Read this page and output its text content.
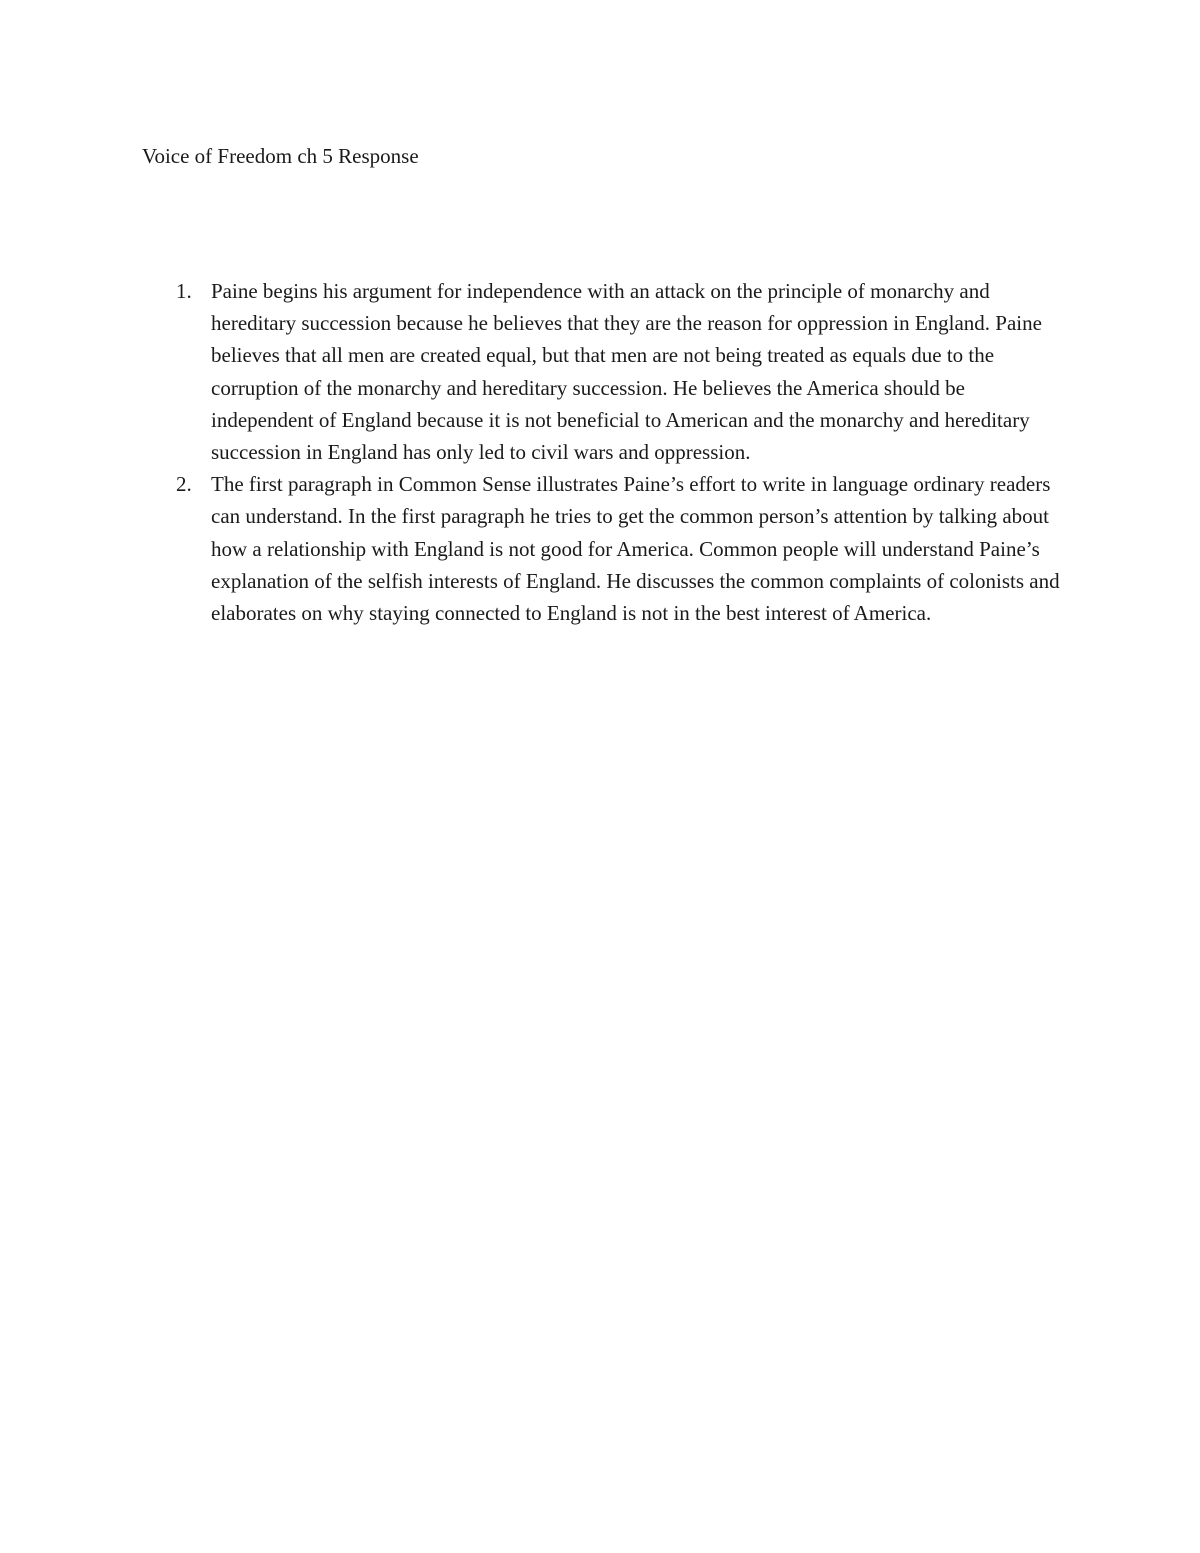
Voice of Freedom ch 5 Response
1. Paine begins his argument for independence with an attack on the principle of monarchy and hereditary succession because he believes that they are the reason for oppression in England. Paine believes that all men are created equal, but that men are not being treated as equals due to the corruption of the monarchy and hereditary succession. He believes the America should be independent of England because it is not beneficial to American and the monarchy and hereditary succession in England has only led to civil wars and oppression.
2. The first paragraph in Common Sense illustrates Paine’s effort to write in language ordinary readers can understand. In the first paragraph he tries to get the common person’s attention by talking about how a relationship with England is not good for America. Common people will understand Paine’s explanation of the selfish interests of England. He discusses the common complaints of colonists and elaborates on why staying connected to England is not in the best interest of America.
